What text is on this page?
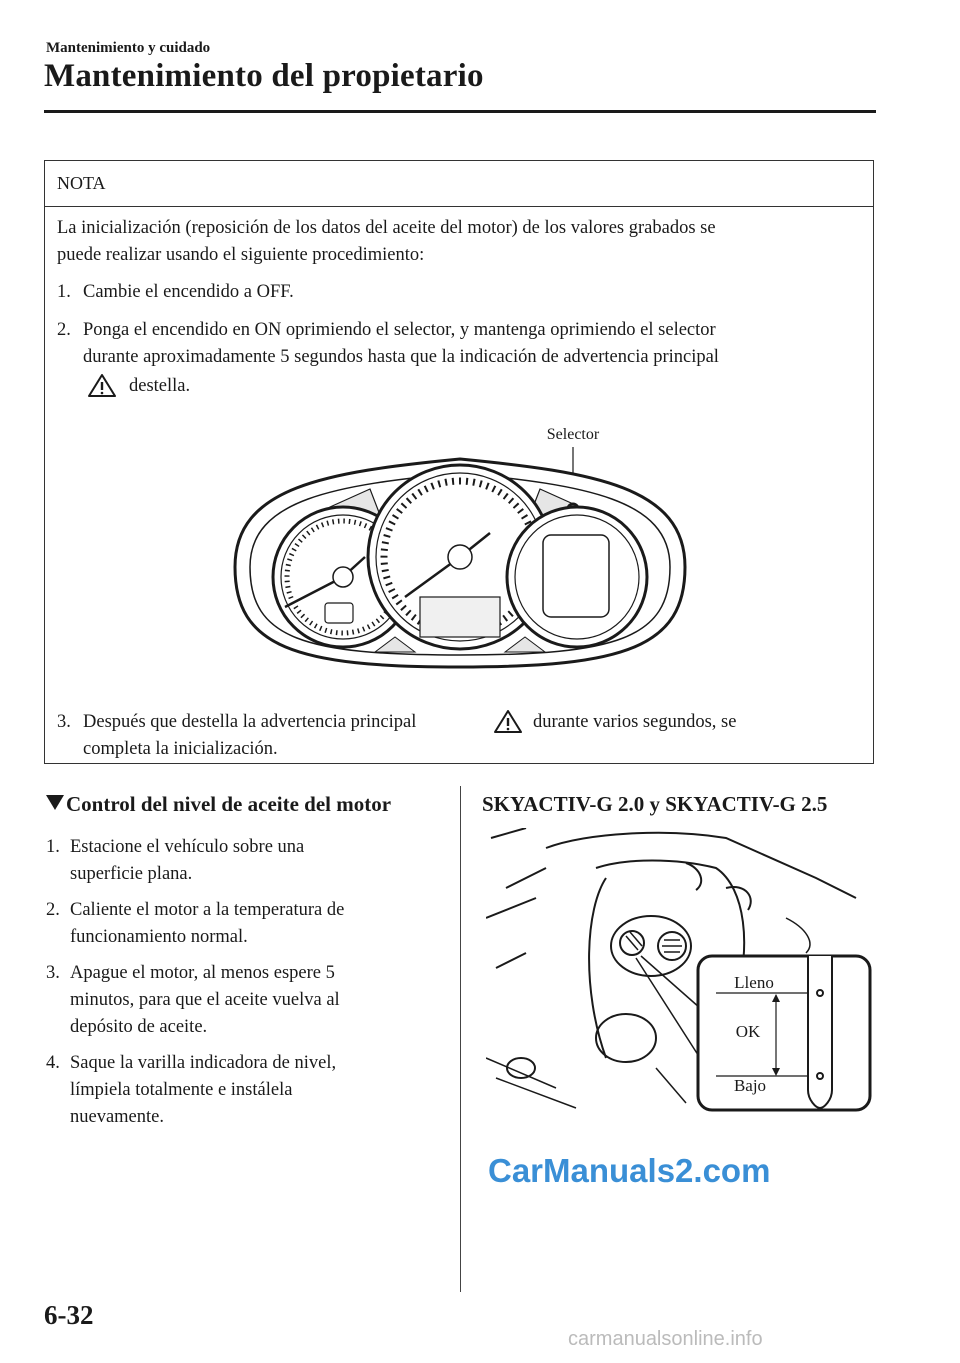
Mantenimiento y cuidado
Mantenimiento del propietario
NOTA
La inicialización (reposición de los datos del aceite del motor) de los valores grabados se
puede realizar usando el siguiente procedimiento:
1. Cambie el encendido a OFF.
2. Ponga el encendido en ON oprimiendo el selector, y mantenga oprimiendo el selector
durante aproximadamente 5 segundos hasta que la indicación de advertencia principal
destella.
Selector
3. Después que destella la advertencia principal	durante varios segundos, se
completa la inicialización.
Control del nivel de aceite del motor
1. Estacione el vehículo sobre una
superficie plana.
2. Caliente el motor a la temperatura de
funcionamiento normal.
3. Apague el motor, al menos espere 5
minutos, para que el aceite vuelva al
depósito de aceite.
4. Saque la varilla indicadora de nivel,
límpiela totalmente e instálela
nuevamente.
SKYACTIV-G 2.0 y SKYACTIV-G 2.5
Lleno
OK
Bajo
CarManuals2.com
6-32
carmanualsonline.info
